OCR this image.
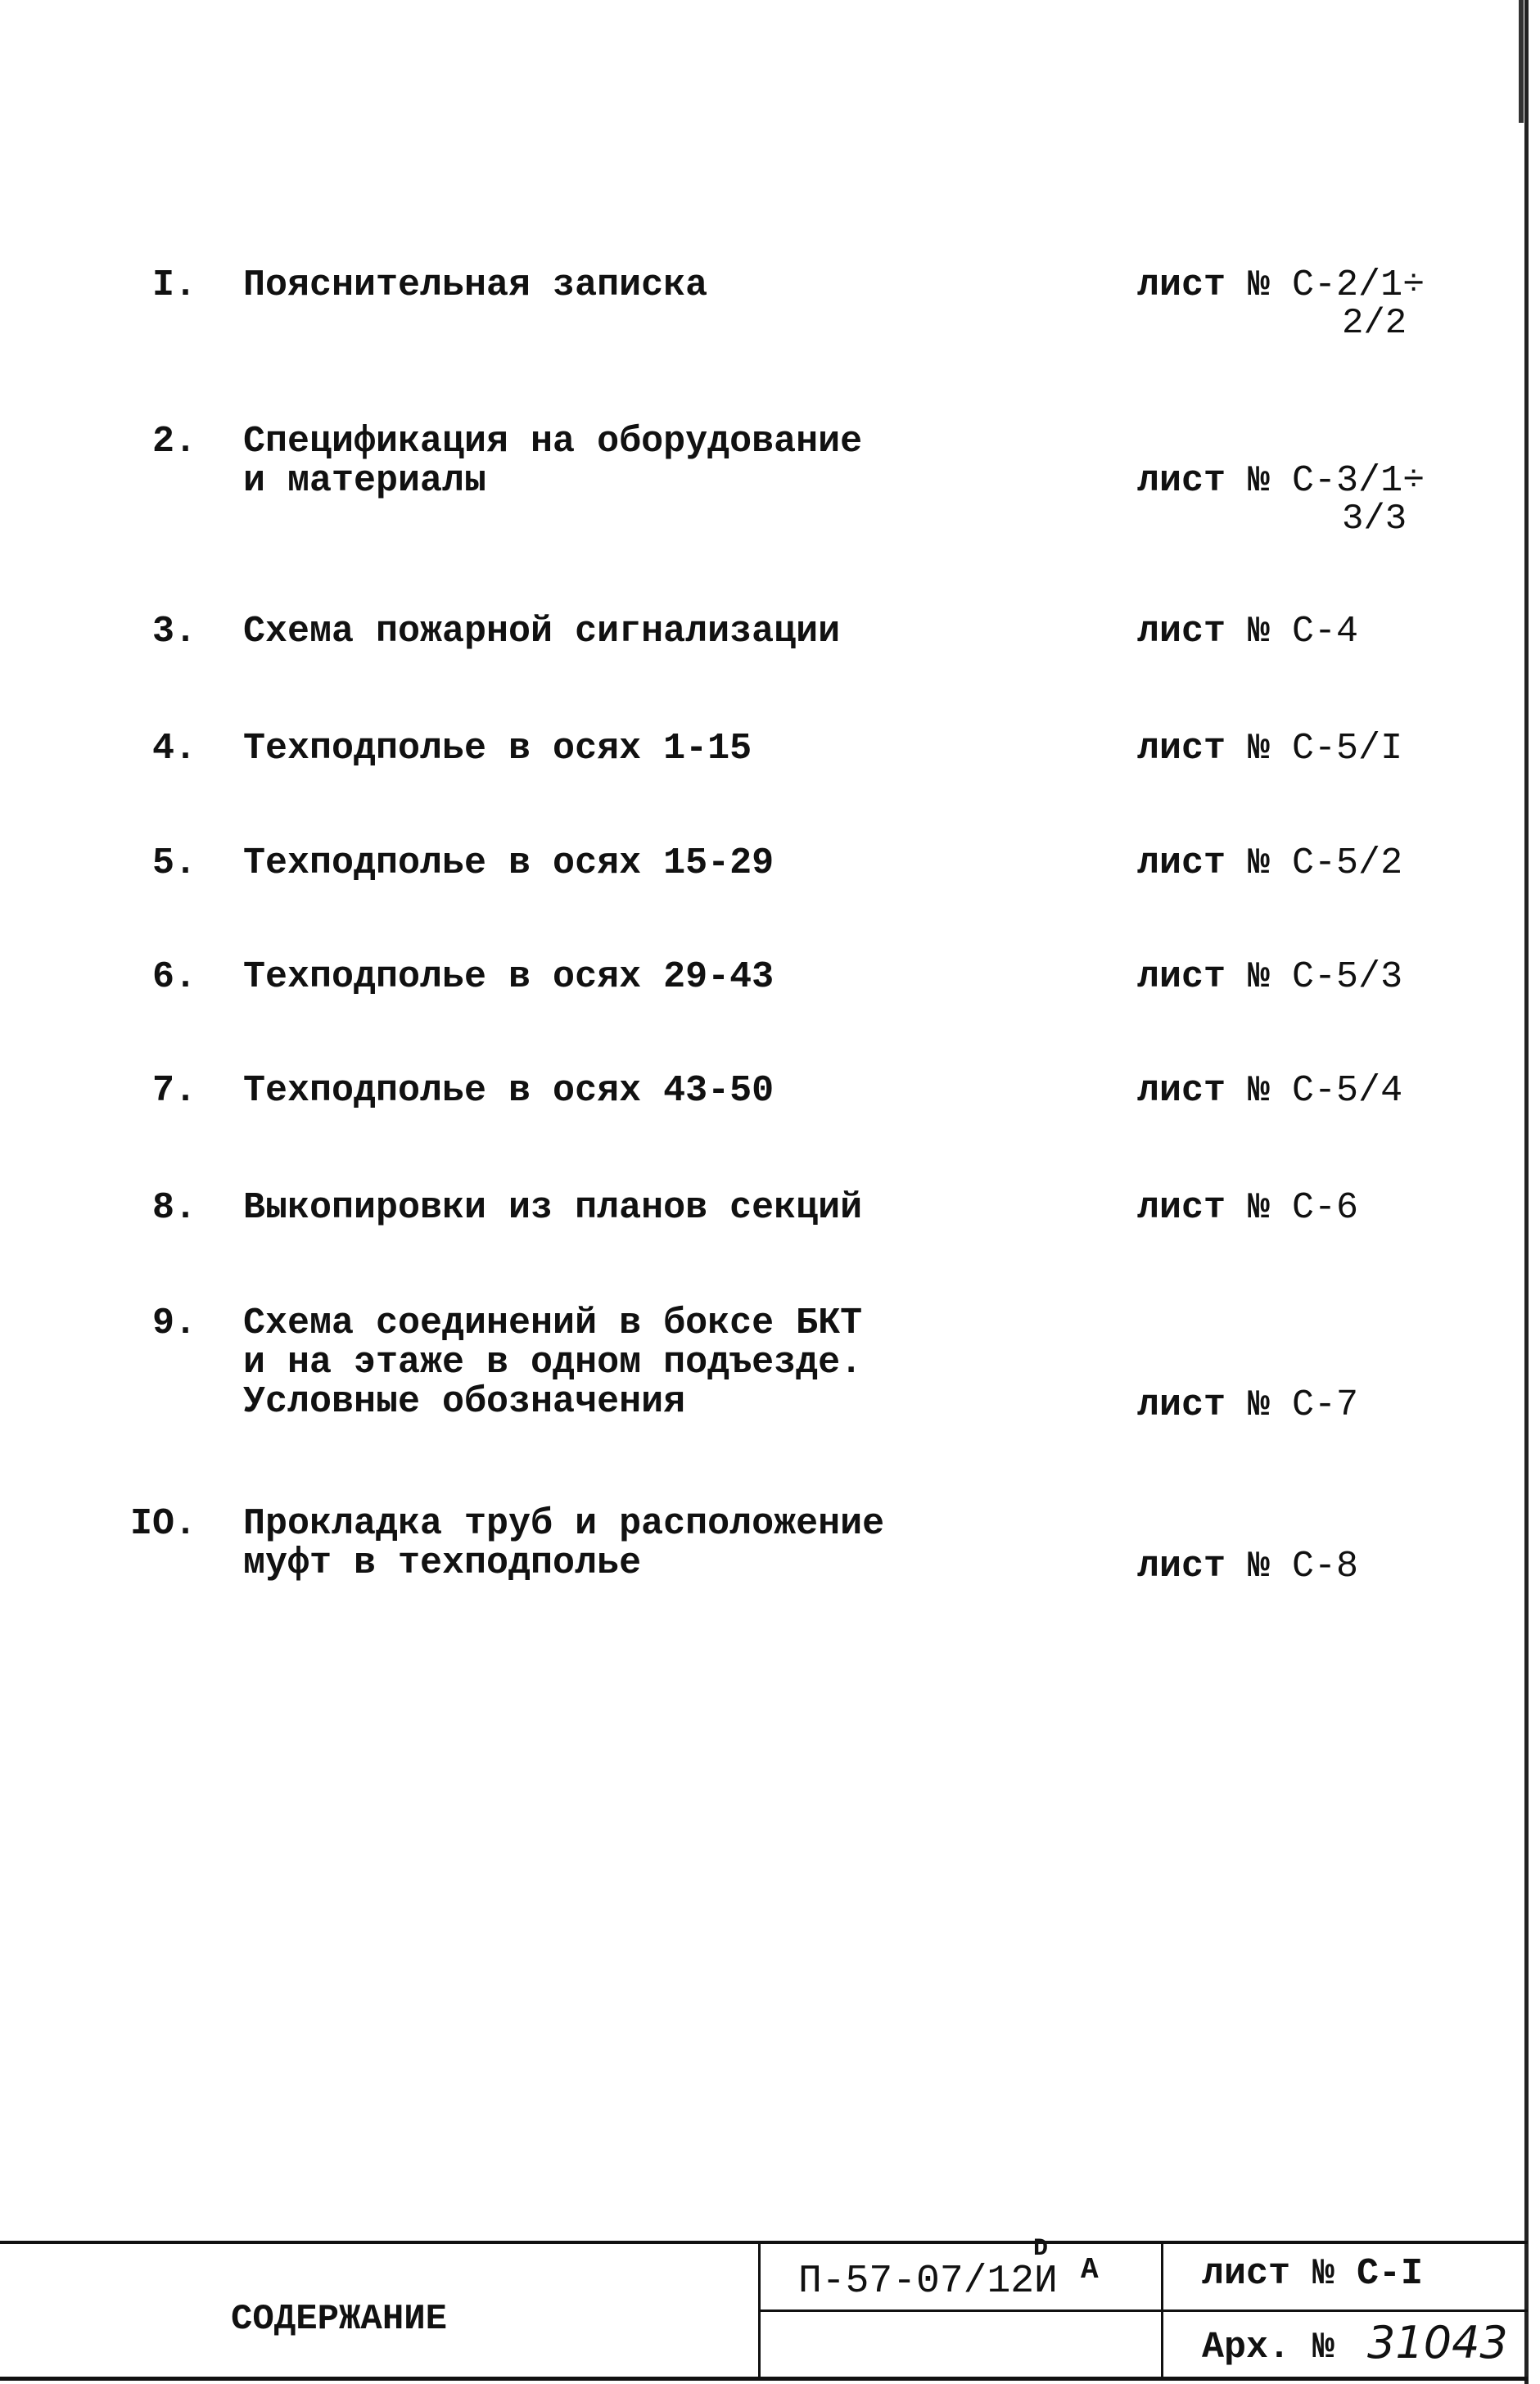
I. Пояснительная записка	лист № С-2/1÷
2/2
2. Спецификация на оборудование
и материалы	лист № С-3/1÷
3/3
3. Схема пожарной сигнализации	лист № С-4
4. Техподполье в осях 1-15	лист № С-5/I
5. Техподполье в осях 15-29	лист № С-5/2
6. Техподполье в осях 29-43	лист № С-5/3
7. Техподполье в осях 43-50	лист № С-5/4
8. Выкопировки из планов секций	лист № С-6
9. Схема соединений в боксе БКТ
и на этаже в одном подъезде.
Условные обозначения	лист № С-7
IO. Прокладка труб и расположение
муфт в техподполье	лист № С-8
СОДЕРЖАНИЕ
П-57-07/12И
D
А	лист № С-I
Арх. № 31043
